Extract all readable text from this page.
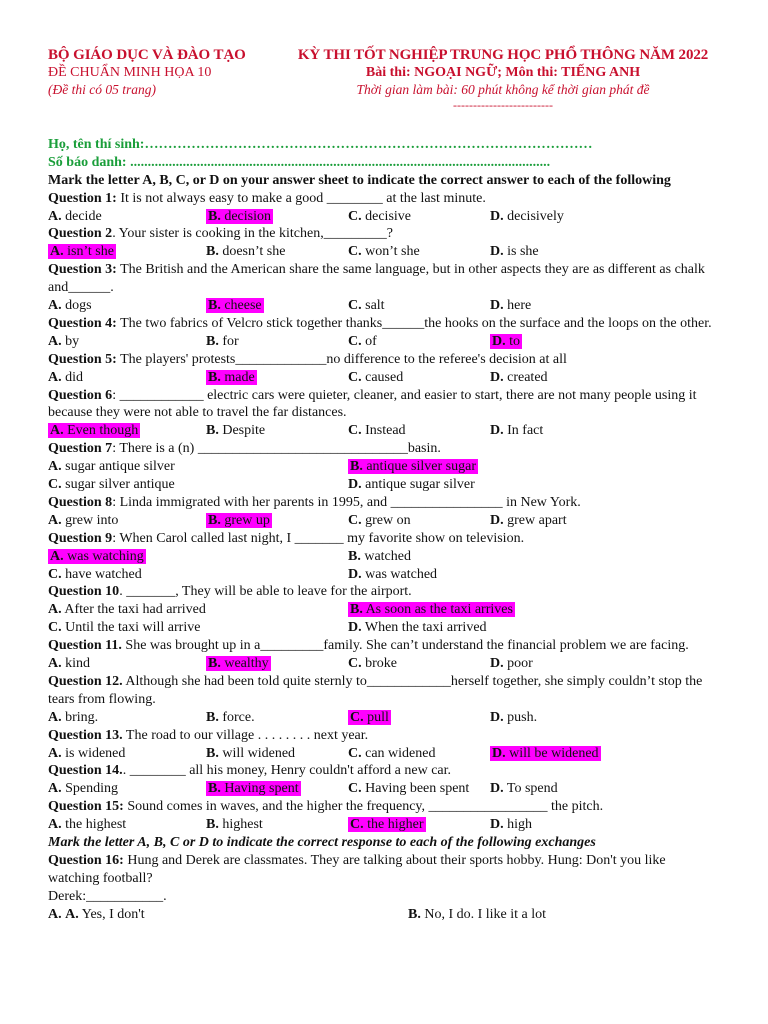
BỘ GIÁO DỤC VÀ ĐÀO TẠO
ĐỀ CHUẨN MINH HỌA 10
(Đề thi có 05 trang)
KỲ THI TỐT NGHIỆP TRUNG HỌC PHỔ THÔNG NĂM 2022
Bài thi: NGOẠI NGỮ; Môn thi: TIẾNG ANH
Thời gian làm bài: 60 phút không kể thời gian phát đề
-------------------------
Họ, tên thí sinh:……………………………………………………………………………………
Số báo danh: ........................................................................................................................
Mark the letter A, B, C, or D on your answer sheet to indicate the correct answer to each of the following
Question 1: It is not always easy to make a good ________ at the last minute.
A. decide	B. decision	C. decisive	D. decisively
Question 2. Your sister is cooking in the kitchen,_________?
A. isn’t she	B. doesn’t she	C. won’t she	D. is she
Question 3: The British and the American share the same language, but in other aspects they are as different as chalk and______.
A. dogs	B. cheese	C. salt	D. here
Question 4: The two fabrics of Velcro stick together thanks______the hooks on the surface and the loops on the other.
A. by	B. for	C. of	D. to
Question 5: The players' protests_____________no difference to the referee's decision at all
A. did	B. made	C. caused	D. created
Question 6: ____________ electric cars were quieter, cleaner, and easier to start, there are not many people using it because they were not able to travel the far distances.
A. Even though	B. Despite	C. Instead	D. In fact
Question 7: There is a (n) ______________________________basin.
A. sugar antique silver	B. antique silver sugar
C. sugar silver antique	D. antique sugar silver
Question 8: Linda immigrated with her parents in 1995, and ________________ in New York.
A. grew into	B. grew up	C. grew on	D. grew apart
Question 9: When Carol called last night, I _______ my favorite show on television.
A. was watching	B. watched
C. have watched	D. was watched
Question 10. _______, They will be able to leave for the airport.
A. After the taxi had arrived	B. As soon as the taxi arrives
C. Until the taxi will arrive	D. When the taxi arrived
Question 11. She was brought up in a_________family. She can’t understand the financial problem we are facing.
A. kind	B. wealthy	C. broke	D. poor
Question 12. Although she had been told quite sternly to____________herself together, she simply couldn’t stop the tears from flowing.
A. bring.	B. force.	C. pull	D. push.
Question 13. The road to our village . . . . . . . . next year.
A. is widened	B. will widened	C. can widened	D. will be widened
Question 14.. ________ all his money, Henry couldn't afford a new car.
A. Spending	B. Having spent	C. Having been spent D. To spend
Question 15: Sound comes in waves, and the higher the frequency, _________________ the pitch.
A. the highest	B. highest	C. the higher	D. high
Mark the letter A, B, C or D to indicate the correct response to each of the following exchanges
Question 16: Hung and Derek are classmates. They are talking about their sports hobby. Hung: Don't you like watching football?
Derek:___________.
A. A. Yes, I don't	B. No, I do. I like it a lot
